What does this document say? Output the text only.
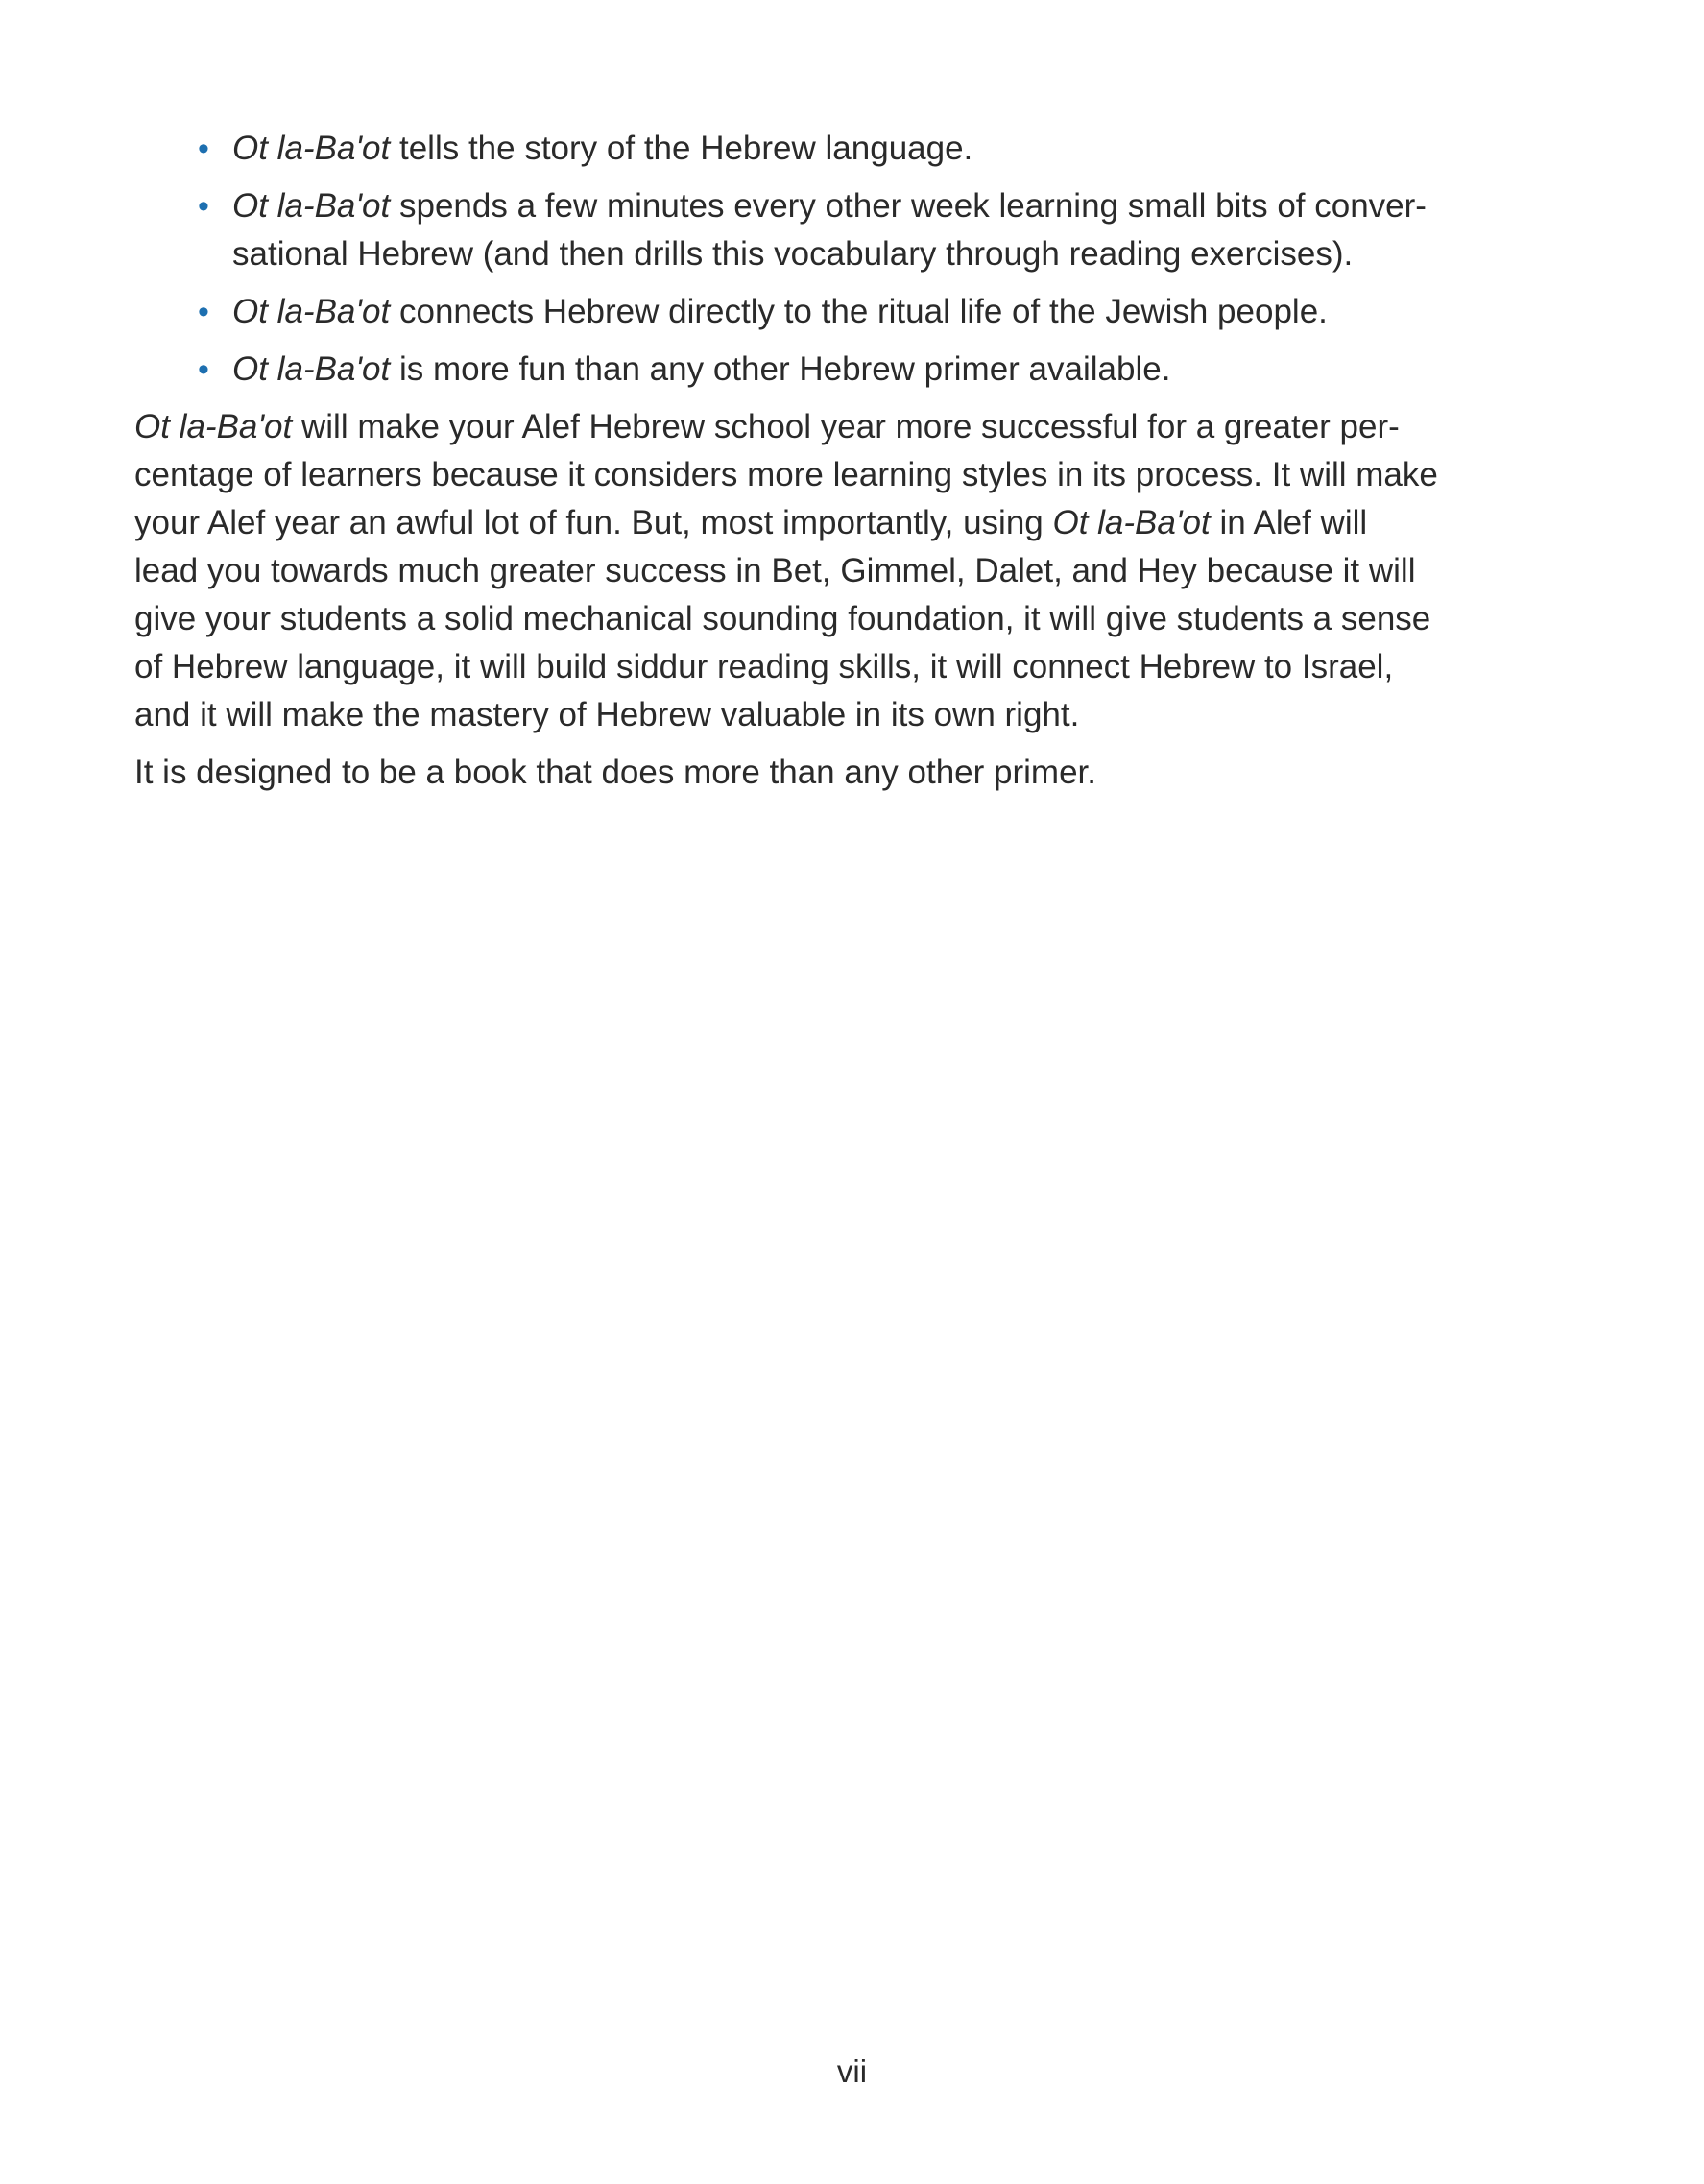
• Ot la-Ba'ot tells the story of the Hebrew language.
• Ot la-Ba'ot spends a few minutes every other week learning small bits of conver-
sational Hebrew (and then drills this vocabulary through reading exercises).
• Ot la-Ba'ot connects Hebrew directly to the ritual life of the Jewish people.
• Ot la-Ba'ot is more fun than any other Hebrew primer available.

Ot la-Ba'ot will make your Alef Hebrew school year more successful for a greater per-
centage of learners because it considers more learning styles in its process. It will make
your Alef year an awful lot of fun. But, most importantly, using Ot la-Ba'ot in Alef will
lead you towards much greater success in Bet, Gimmel, Dalet, and Hey because it will
give your students a solid mechanical sounding foundation, it will give students a sense
of Hebrew language, it will build siddur reading skills, it will connect Hebrew to Israel,
and it will make the mastery of Hebrew valuable in its own right.

It is designed to be a book that does more than any other primer.

vii
